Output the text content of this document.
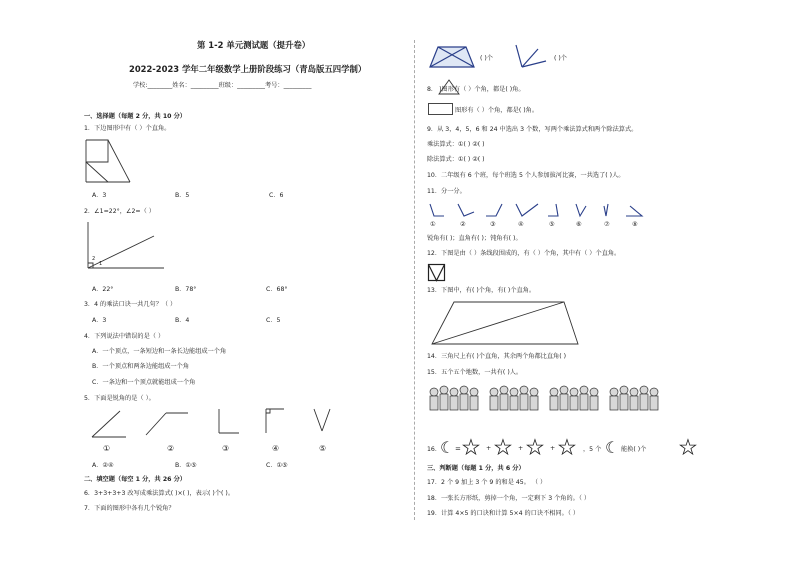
第 1-2 单元测试题（提升卷）
2022-2023 学年二年级数学上册阶段练习（青岛版五四学制）
学校:________姓名：_________班级：_________考号：_________
一、选择题（每题 2 分，共 10 分）
1．下边图形中有（ ）个直角。
A．3	B．5	C．6
2．∠1=22°，∠2=（ ）
2
1
A．22°	B．78°	C．68°
3．4 的乘法口诀一共几句？（ ）
A．3	B．4	C．5
4．下列说法中错误的是（ ）
A．一个顶点，一条短边和一条长边能组成一个角
B．一个顶点和两条边能组成一个角
C．一条边和一个顶点就能组成一个角
5．下面是锐角的是（ ）。
①	②	③	④	⑤
A．②④	B．①⑤	C．①⑤
二、填空题（每空 1 分，共 26 分）
6．3+3+3+3 改写成乘法算式( )×( )，表示( )个( )。
7．下面的图形中各有几个锐角？
( )个	( )个
8． )图形有（ ）个角，都是( )角。
图形有（ ）个角，都是( )角。
9．从 3，4，5，6 和 24 中选出 3 个数，写两个乘法算式和两个除法算式。
乘法算式：①( ) ②( )
除法算式：①( ) ②( )
10．二年级有 6 个班，每个班选 5 个人参加拔河比赛，一共选了( )人。
11．分一分。
①	②	③	④	⑤	⑥	⑦	⑧
锐角有( )；直角有( )；钝角有( )。
12．下图是由（ ）条线段围成的，有（ ）个角，其中有（ ）个直角。
13．下图中，有( )个角，有( )个直角。
14．三角尺上有( )个直角，其余两个角都比直角( )
15．五个五个地数，一共有( )人。
16．
☾ = ★ + ★ + ★ + ★ ，5 个 ☾ 能换( )个 ★
三、判断题（每题 1 分，共 6 分）
17．2 个 9 加上 3 个 9 的和是 45。 （ ）
18．一张长方形纸，剪掉一个角，一定剩下 3 个角的。（ ）
19．计算 4×5 的口诀和计算 5×4 的口诀不相同。（ ）
